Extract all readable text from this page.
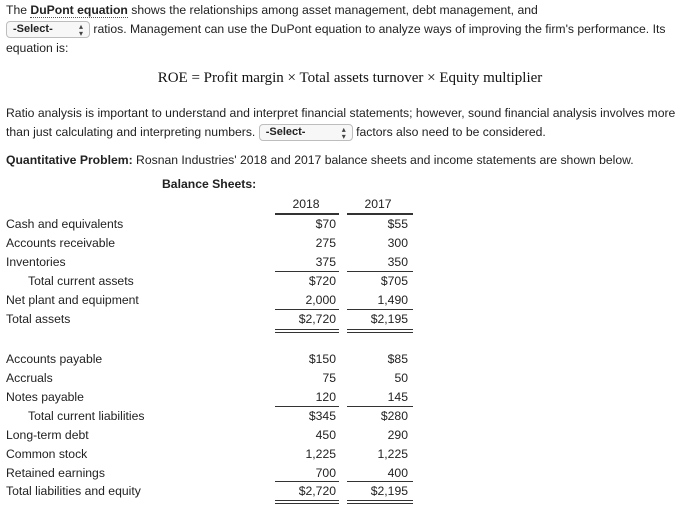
The DuPont equation shows the relationships among asset management, debt management, and
-Select-	▴
▾ ratios. Management can use the DuPont equation to analyze ways of improving the firm's performance. Its
equation is:
ROE = Profit margin × Total assets turnover × Equity multiplier
Ratio analysis is important to understand and interpret financial statements; however, sound financial analysis involves more
than just calculating and interpreting numbers. -Select-	▴
▾ factors also need to be considered.
Quantitative Problem: Rosnan Industries' 2018 and 2017 balance sheets and income statements are shown below.
Balance Sheets:
2018	2017
Cash and equivalents	$70	$55
Accounts receivable	275	300
Inventories	375	350
Total current assets	$720	$705
Net plant and equipment	2,000	1,490
Total assets	$2,720	$2,195
Accounts payable	$150	$85
Accruals	75	50
Notes payable	120	145
Total current liabilities	$345	$280
Long-term debt	450	290
Common stock	1,225	1,225
Retained earnings	700	400
Total liabilities and equity	$2,720	$2,195
